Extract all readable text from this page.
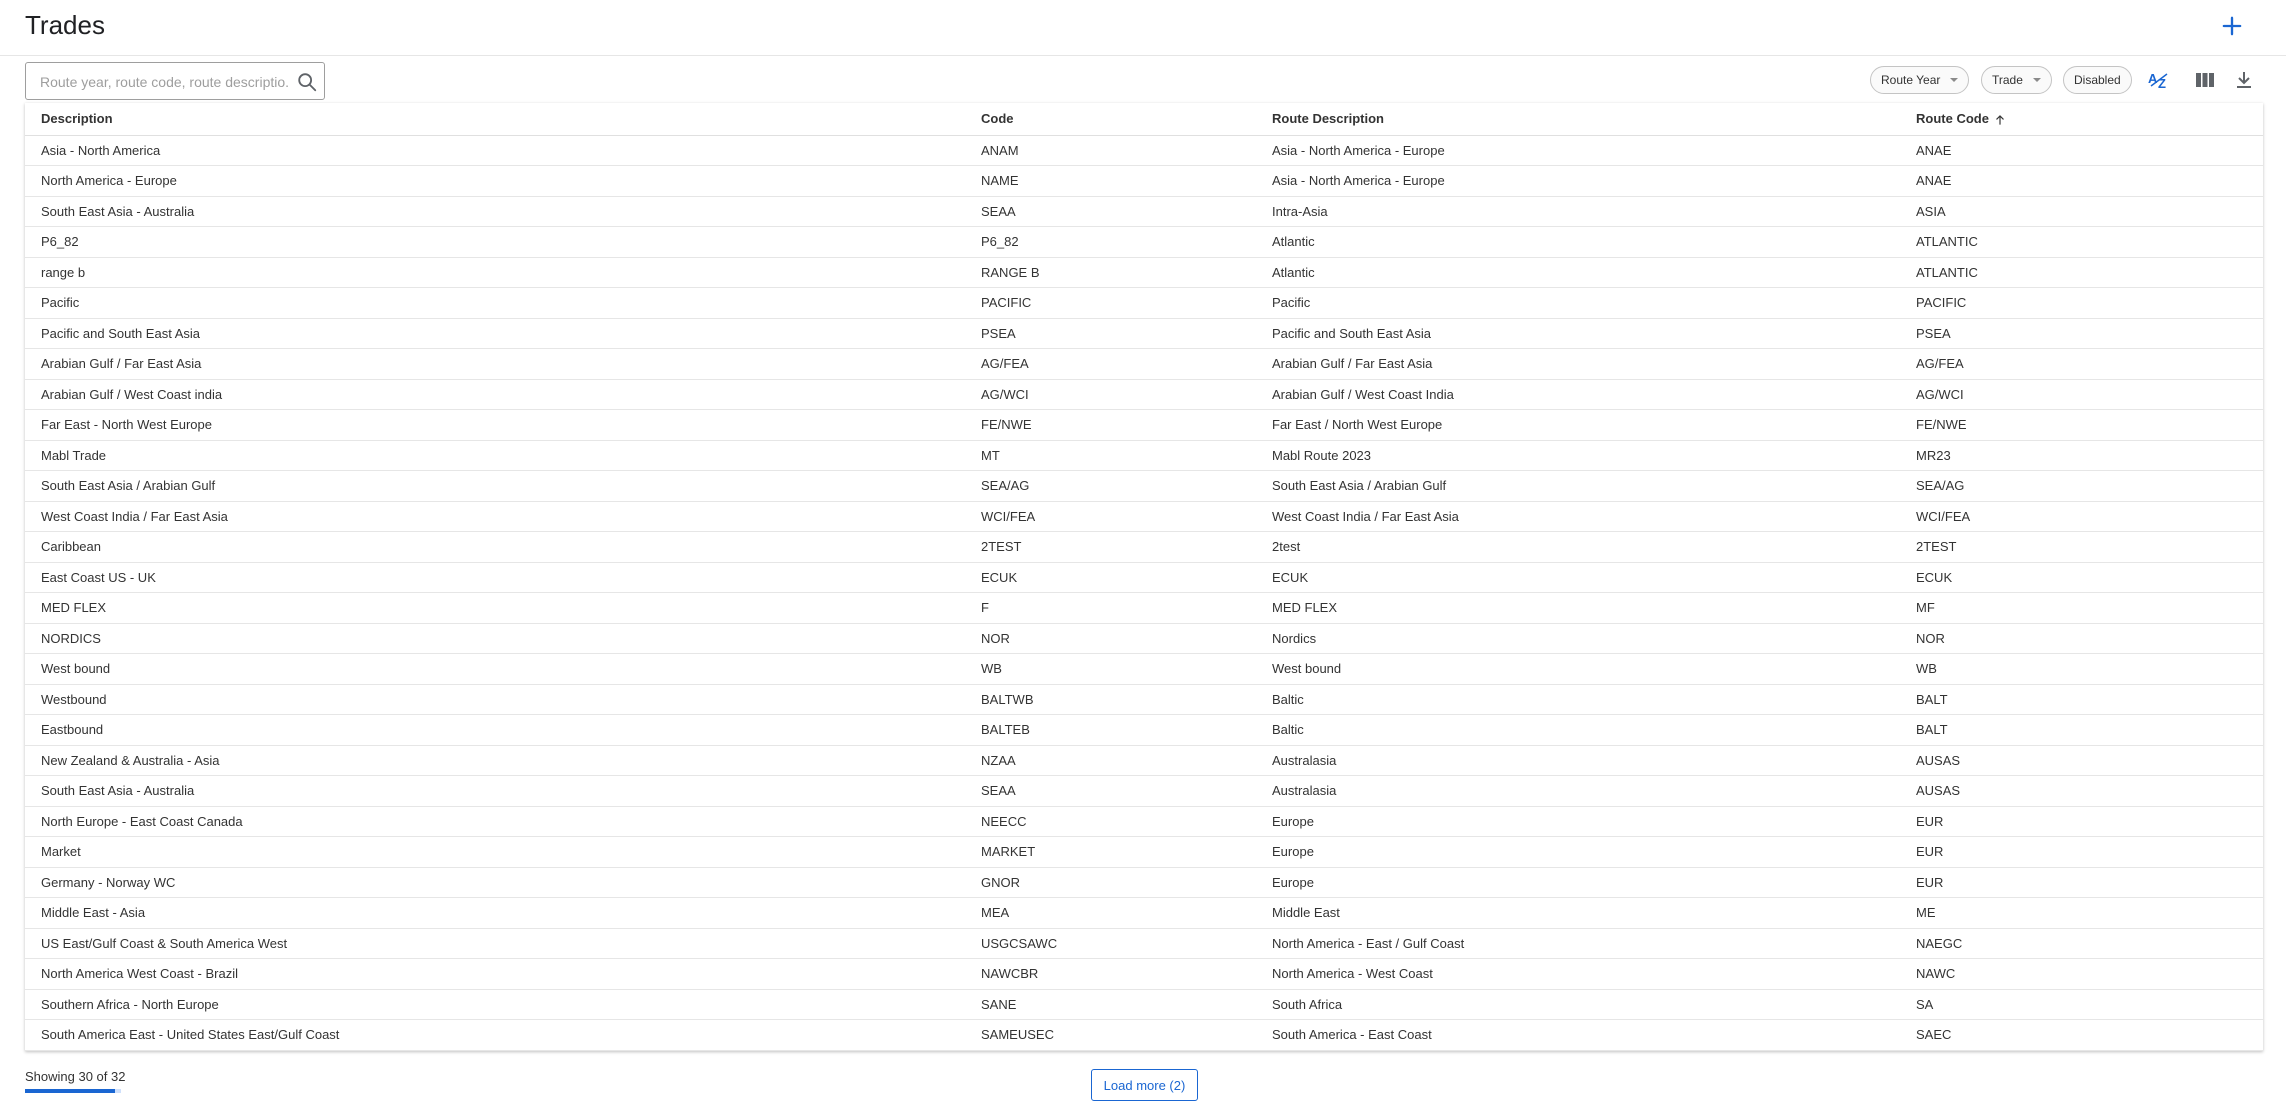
Trades
Route year, route code, route descriptio...
Route Year	Trade	Disabled A Z
Description	Code	Route Description	Route Code
Asia - North America	ANAM	Asia - North America - Europe	ANAE
North America - Europe	NAME	Asia - North America - Europe	ANAE
South East Asia - Australia	SEAA	Intra-Asia	ASIA
P6_82	P6_82	Atlantic	ATLANTIC
range b	RANGE B	Atlantic	ATLANTIC
Pacific	PACIFIC	Pacific	PACIFIC
Pacific and South East Asia	PSEA	Pacific and South East Asia	PSEA
Arabian Gulf / Far East Asia	AG/FEA	Arabian Gulf / Far East Asia	AG/FEA
Arabian Gulf / West Coast india	AG/WCI	Arabian Gulf / West Coast India	AG/WCI
Far East - North West Europe	FE/NWE	Far East / North West Europe	FE/NWE
Mabl Trade	MT	Mabl Route 2023	MR23
South East Asia / Arabian Gulf	SEA/AG	South East Asia / Arabian Gulf	SEA/AG
West Coast India / Far East Asia	WCI/FEA	West Coast India / Far East Asia	WCI/FEA
Caribbean	2TEST	2test	2TEST
East Coast US - UK	ECUK	ECUK	ECUK
MED FLEX	F	MED FLEX	MF
NORDICS	NOR	Nordics	NOR
West bound	WB	West bound	WB
Westbound	BALTWB	Baltic	BALT
Eastbound	BALTEB	Baltic	BALT
New Zealand & Australia - Asia	NZAA	Australasia	AUSAS
South East Asia - Australia	SEAA	Australasia	AUSAS
North Europe - East Coast Canada	NEECC	Europe	EUR
Market	MARKET	Europe	EUR
Germany - Norway WC	GNOR	Europe	EUR
Middle East - Asia	MEA	Middle East	ME
US East/Gulf Coast & South America West	USGCSAWC	North America - East / Gulf Coast	NAEGC
North America West Coast - Brazil	NAWCBR	North America - West Coast	NAWC
Southern Africa - North Europe	SANE	South Africa	SA
South America East - United States East/Gulf Coast	SAMEUSEC	South America - East Coast	SAEC
Showing 30 of 32
Load more (2)
